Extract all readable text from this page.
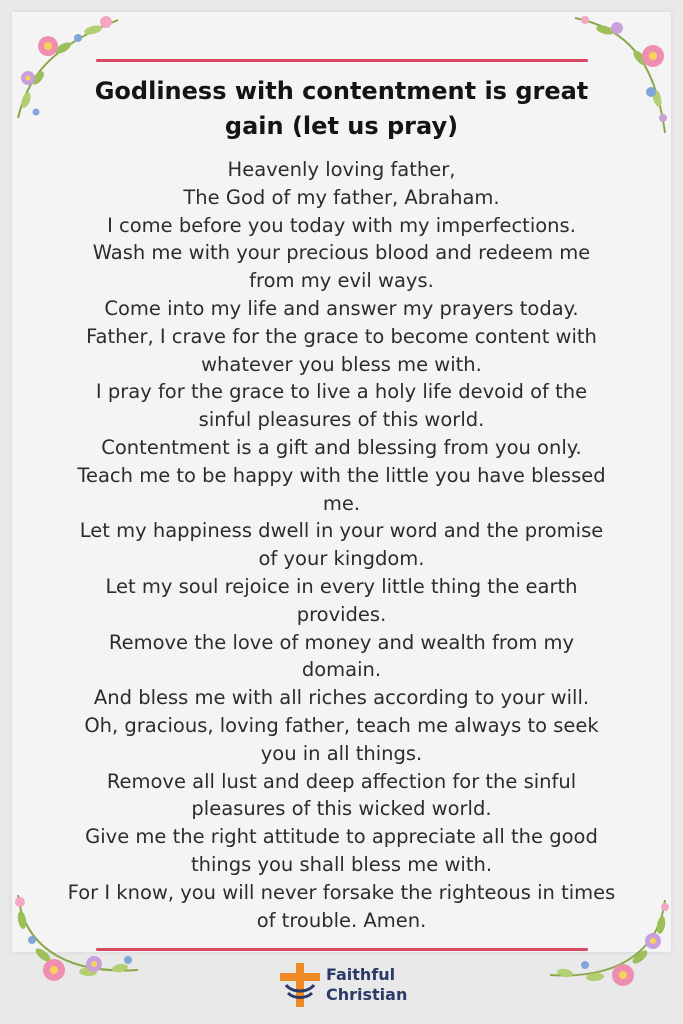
Godliness with contentment is great
gain (let us pray)
Heavenly loving father,
The God of my father, Abraham.
I come before you today with my imperfections.
Wash me with your precious blood and redeem me
from my evil ways.
Come into my life and answer my prayers today.
Father, I crave for the grace to become content with
whatever you bless me with.
I pray for the grace to live a holy life devoid of the
sinful pleasures of this world.
Contentment is a gift and blessing from you only.
Teach me to be happy with the little you have blessed
me.
Let my happiness dwell in your word and the promise
of your kingdom.
Let my soul rejoice in every little thing the earth
provides.
Remove the love of money and wealth from my
domain.
And bless me with all riches according to your will.
Oh, gracious, loving father, teach me always to seek
you in all things.
Remove all lust and deep affection for the sinful
pleasures of this wicked world.
Give me the right attitude to appreciate all the good
things you shall bless me with.
For I know, you will never forsake the righteous in times
of trouble. Amen.
Faithful
Christian
